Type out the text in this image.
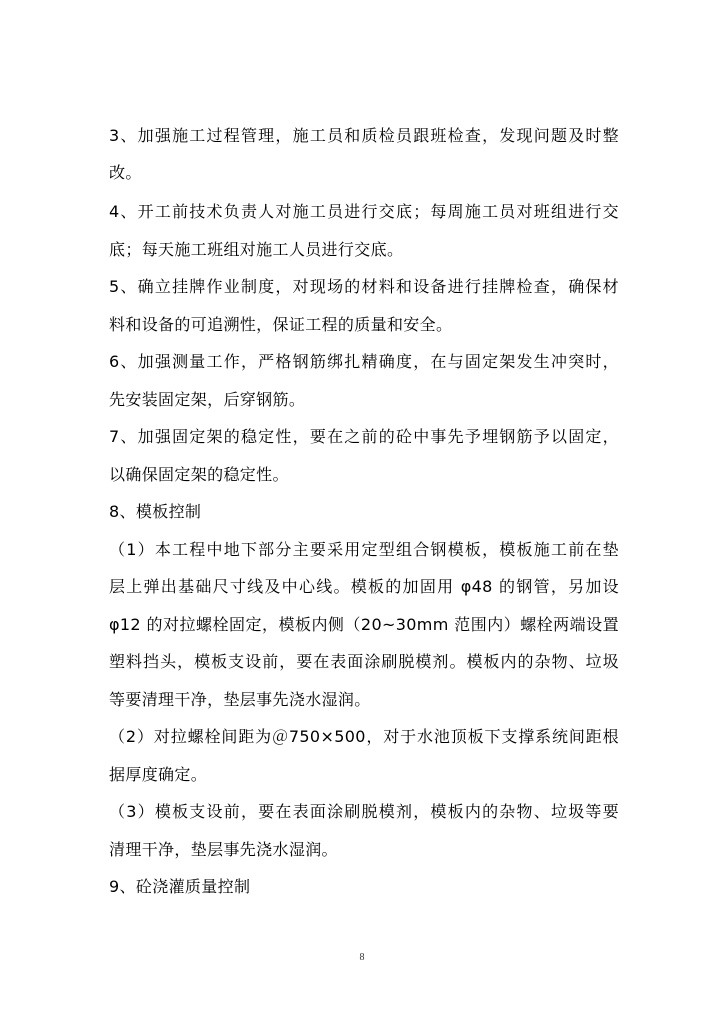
3、加强施工过程管理，施工员和质检员跟班检查，发现问题及时整
改。
4、开工前技术负责人对施工员进行交底；每周施工员对班组进行交
底；每天施工班组对施工人员进行交底。
5、确立挂牌作业制度，对现场的材料和设备进行挂牌检查，确保材
料和设备的可追溯性，保证工程的质量和安全。
6、加强测量工作，严格钢筋绑扎精确度，在与固定架发生冲突时，
先安装固定架，后穿钢筋。
7、加强固定架的稳定性，要在之前的砼中事先予埋钢筋予以固定，
以确保固定架的稳定性。
8、模板控制
（1）本工程中地下部分主要采用定型组合钢模板，模板施工前在垫
层上弹出基础尺寸线及中心线。模板的加固用 φ48 的钢管，另加设
φ12 的对拉螺栓固定，模板内侧（20~30mm 范围内）螺栓两端设置
塑料挡头，模板支设前，要在表面涂刷脱模剂。模板内的杂物、垃圾
等要清理干净，垫层事先浇水湿润。
（2）对拉螺栓间距为＠750×500，对于水池顶板下支撑系统间距根
据厚度确定。
（3）模板支设前，要在表面涂刷脱模剂，模板内的杂物、垃圾等要
清理干净，垫层事先浇水湿润。
9、砼浇灌质量控制
8
